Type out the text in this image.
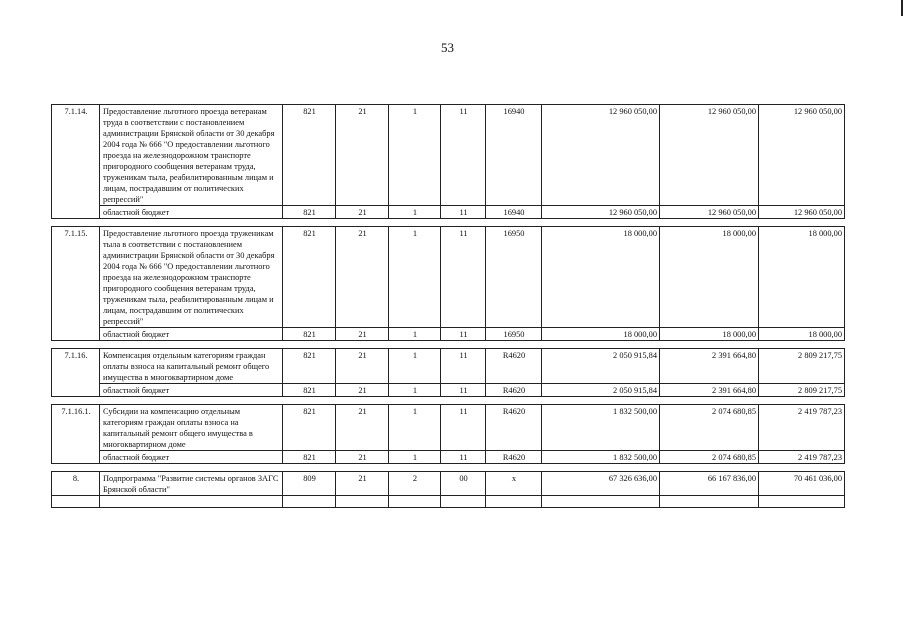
53
7.1.14.	Предоставление льготного проезда ветеранам труда в соответствии с постановлением администрации Брянской области от 30 декабря 2004 года № 666 "О предоставлении льготного проезда на железнодорожном транспорте пригородного сообщения ветеранам труда, труженикам тыла, реабилитированным лицам и лицам, пострадавшим от политических репрессий"	821	21	1	11	16940	12 960 050,00	12 960 050,00	12 960 050,00
	областной бюджет	821	21	1	11	16940	12 960 050,00	12 960 050,00	12 960 050,00

7.1.15.	Предоставление льготного проезда труженикам тыла в соответствии с постановлением администрации Брянской области от 30 декабря 2004 года № 666 "О предоставлении льготного проезда на железнодорожном транспорте пригородного сообщения ветеранам труда, труженикам тыла, реабилитированным лицам и лицам, пострадавшим от политических репрессий"	821	21	1	11	16950	18 000,00	18 000,00	18 000,00
	областной бюджет	821	21	1	11	16950	18 000,00	18 000,00	18 000,00

7.1.16.	Компенсация отдельным категориям граждан оплаты взноса на капитальный ремонт общего имущества в многоквартирном доме	821	21	1	11	R4620	2 050 915,84	2 391 664,80	2 809 217,75
	областной бюджет	821	21	1	11	R4620	2 050 915,84	2 391 664,80	2 809 217,75

7.1.16.1.	Субсидии на компенсацию отдельным категориям граждан оплаты взноса на капитальный ремонт общего имущества в многоквартирном доме	821	21	1	11	R4620	1 832 500,00	2 074 680,85	2 419 787,23
	областной бюджет	821	21	1	11	R4620	1 832 500,00	2 074 680,85	2 419 787,23

8.	Подпрограмма "Развитие системы органов ЗАГС Брянской области"	809	21	2	00	х	67 326 636,00	66 167 836,00	70 461 036,00
